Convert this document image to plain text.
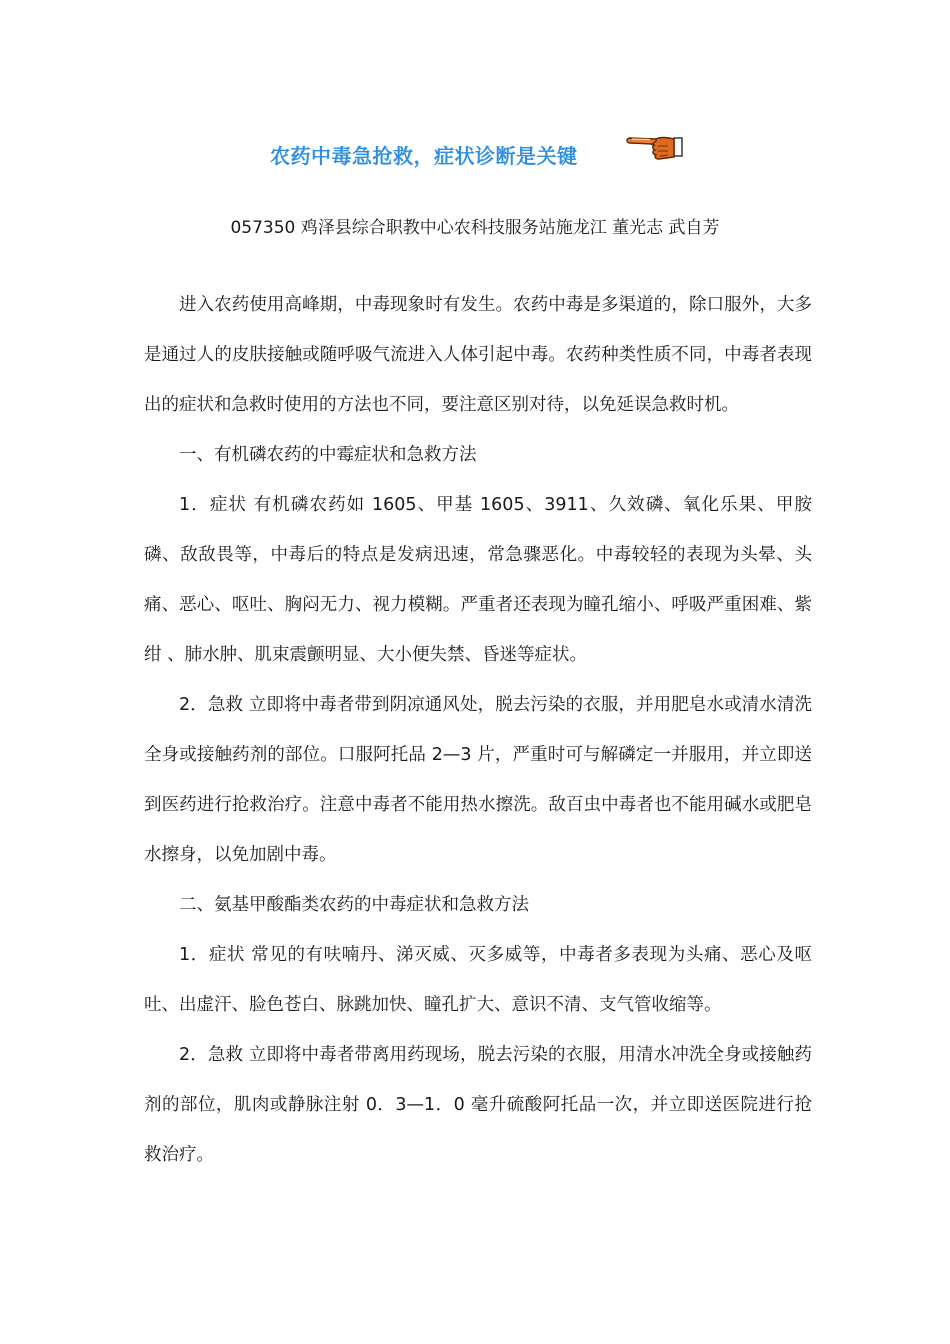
农药中毒急抢救，症状诊断是关键
057350 鸡泽县综合职教中心农科技服务站施龙江 董光志 武自芳

进入农药使用高峰期，中毒现象时有发生。农药中毒是多渠道的，除口服外，大多是通过人的皮肤接触或随呼吸气流进入人体引起中毒。农药种类性质不同，中毒者表现出的症状和急救时使用的方法也不同，要注意区别对待，以免延误急救时机。

一、有机磷农药的中霉症状和急救方法

1．症状 有机磷农药如 1605、甲基 1605、3911、久效磷、氧化乐果、甲胺磷、敌敌畏等，中毒后的特点是发病迅速，常急骤恶化。中毒较轻的表现为头晕、头痛、恶心、呕吐、胸闷无力、视力模糊。严重者还表现为瞳孔缩小、呼吸严重困难、紫绀 、肺水肿、肌束震颤明显、大小便失禁、昏迷等症状。

2．急救 立即将中毒者带到阴凉通风处，脱去污染的衣服，并用肥皂水或清水清洗全身或接触药剂的部位。口服阿托品 2—3 片，严重时可与解磷定一并服用，并立即送到医药进行抢救治疗。注意中毒者不能用热水擦洗。敌百虫中毒者也不能用碱水或肥皂水擦身，以免加剧中毒。

二、氨基甲酸酯类农药的中毒症状和急救方法

1．症状 常见的有呋喃丹、涕灭威、灭多威等，中毒者多表现为头痛、恶心及呕吐、出虚汗、脸色苍白、脉跳加快、瞳孔扩大、意识不清、支气管收缩等。

2．急救 立即将中毒者带离用药现场，脱去污染的衣服，用清水冲洗全身或接触药剂的部位，肌肉或静脉注射 0．3—1．0 毫升硫酸阿托品一次，并立即送医院进行抢救治疗。
